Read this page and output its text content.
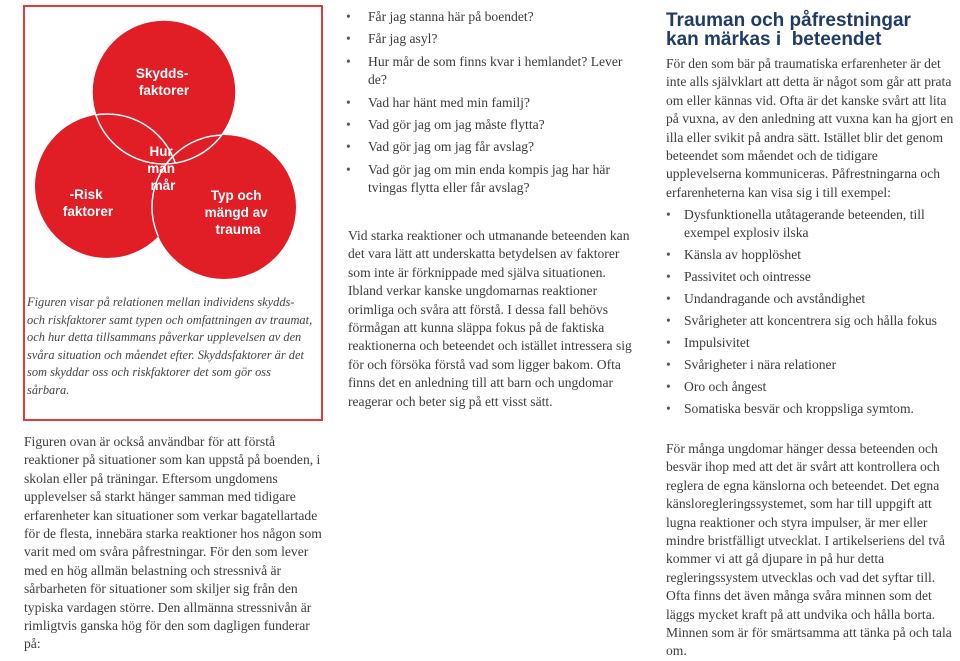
Skydds- faktorer
-Risk faktorer
Typ och mängd av trauma
Hur man mår

Figuren visar på relationen mellan individens skydds- och riskfaktorer samt typen och omfattningen av traumat, och hur detta tillsammans påverkar upplevelsen av den svåra situation och måendet efter. Skyddsfaktorer är det som skyddar oss och riskfaktorer det som gör oss sårbara.

Figuren ovan är också användbar för att förstå reaktioner på situationer som kan uppstå på boenden, i skolan eller på träningar. Eftersom ungdomens upplevelser så starkt hänger samman med tidigare erfarenheter kan situationer som verkar bagatellartade för de flesta, innebära starka reaktioner hos någon som varit med om svåra påfrestningar. För den som lever med en hög allmän belastning och stressnivå är sårbarheten för situationer som skiljer sig från den typiska vardagen större. Den allmänna stressnivån är rimligtvis ganska hög för den som dagligen funderar på:

• Får jag stanna här på boendet?
• Får jag asyl?
• Hur mår de som finns kvar i hemlandet? Lever de?
• Vad har hänt med min familj?
• Vad gör jag om jag måste flytta?
• Vad gör jag om jag får avslag?
• Vad gör jag om min enda kompis jag har här tvingas flytta eller får avslag?

Vid starka reaktioner och utmanande beteenden kan det vara lätt att underskatta betydelsen av faktorer som inte är förknippade med själva situationen. Ibland verkar kanske ungdomarnas reaktioner orimliga och svåra att förstå. I dessa fall behövs förmågan att kunna släppa fokus på de faktiska reaktionerna och beteendet och istället intressera sig för och försöka förstå vad som ligger bakom. Ofta finns det en anledning till att barn och ungdomar reagerar och beter sig på ett visst sätt.

Trauman och påfrestningar
kan märkas i  beteendet

För den som bär på traumatiska erfarenheter är det inte alls självklart att detta är något som går att prata om eller kännas vid. Ofta är det kanske svårt att lita på vuxna, av den anledning att vuxna kan ha gjort en illa eller svikit på andra sätt. Istället blir det genom beteendet som måendet och de tidigare upplevelserna kommuniceras. Påfrestningarna och erfarenheterna kan visa sig i till exempel:

• Dysfunktionella utåtagerande beteenden, till exempel explosiv ilska
• Känsla av hopplöshet
• Passivitet och ointresse
• Undandragande och avståndighet
• Svårigheter att koncentrera sig och hålla fokus
• Impulsivitet
• Svårigheter i nära relationer
• Oro och ångest
• Somatiska besvär och kroppsliga symtom.

För många ungdomar hänger dessa beteenden och besvär ihop med att det är svårt att kontrollera och reglera de egna känslorna och beteendet. Det egna känsloregleringssystemet, som har till uppgift att lugna reaktioner och styra impulser, är mer eller mindre bristfälligt utvecklat. I artikelseriens del två kommer vi att gå djupare in på hur detta regleringssystem utvecklas och vad det syftar till. Ofta finns det även många svåra minnen som det läggs mycket kraft på att undvika och hålla borta. Minnen som är för smärtsamma att tänka på och tala om.
